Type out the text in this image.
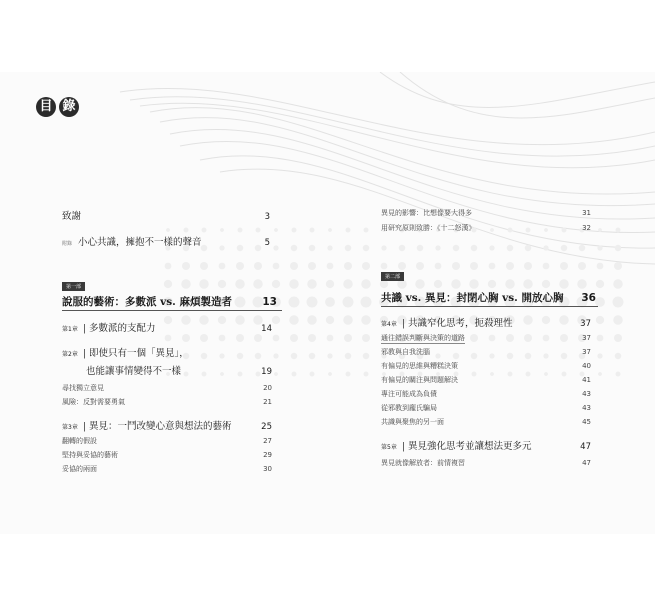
目 錄
致謝	3
附錄 小心共識，擁抱不一樣的聲音	5
第一部
說服的藝術：多數派 vs. 麻煩製造者	13
第1章 | 多數派的支配力	14
第2章 | 即使只有一個「異見」，
也能讓事情變得不一樣	19
尋找獨立意見	20
風險：反對需要勇氣	21
第3章 | 異見：一鬥改變心意與想法的藝術	25
翻轉的假設	27
堅持與妥協的藝術	29
妥協的兩面	30
異見的影響：比想像要大得多	31
用研究原則致勝：《十二怒漢》	32
第二部
共識 vs. 異見：封閉心胸 vs. 開放心胸 36
第4章 | 共識窄化思考，扼殺理性	37
通往錯誤判斷與決策的道路	37
邪教與自我洗腦	37
有偏見的思維與糟糕決策	40
有偏見的關注與問題解決	41
專注可能成為負債	43
從邪教到龐氏騙局	43
共識與聚焦的另一面	45
第5章 | 異見強化思考並讓想法更多元	47
異見就像解放者：前情複習	47
